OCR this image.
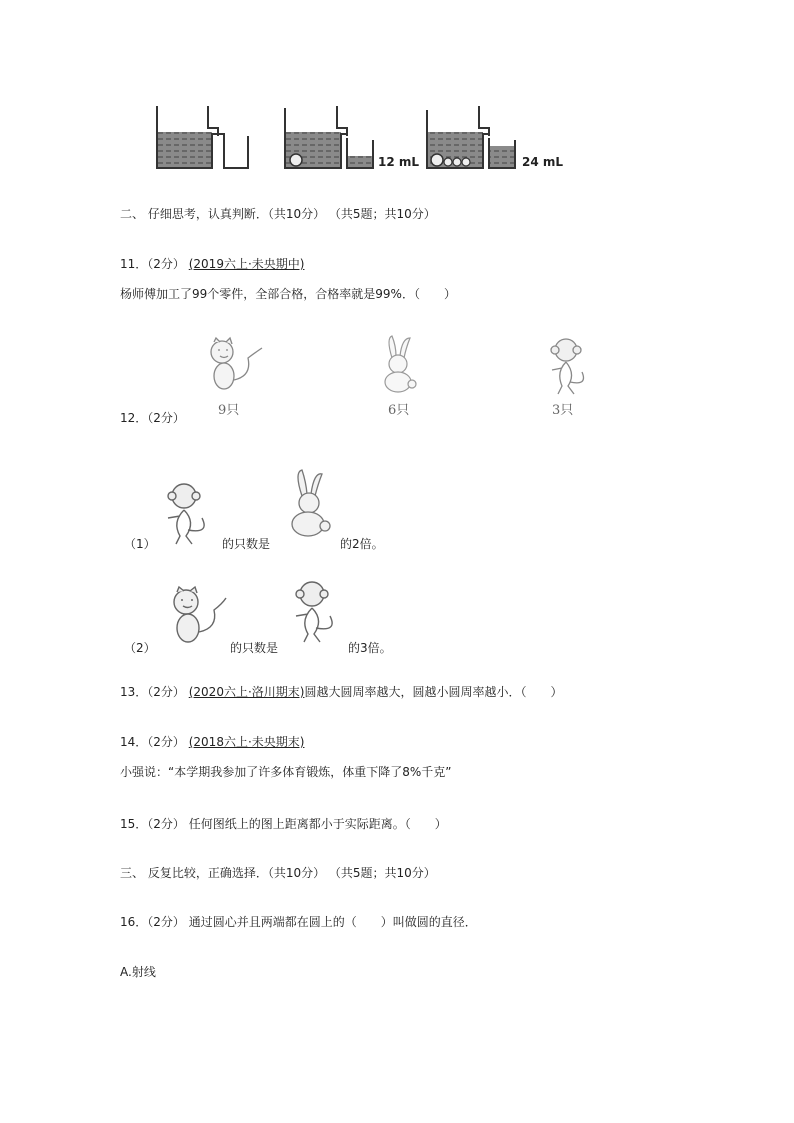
12 mL	24 mL
二、 仔细思考，认真判断．（共10分） （共5题；共10分）
11．（2分） (2019六上·未央期中)
杨师傅加工了99个零件，全部合格，合格率就是99%．（　　）
9只	6只	3只
12．（2分）
（1）	的只数是	的2倍。
（2）	的只数是	的3倍。
13．（2分） (2020六上·洛川期末)圆越大圆周率越大，圆越小圆周率越小．（　　）
14．（2分） (2018六上·未央期末)
小强说：“本学期我参加了许多体育锻炼，体重下降了8%千克”
15．（2分） 任何图纸上的图上距离都小于实际距离。（　　）
三、 反复比较，正确选择．（共10分） （共5题；共10分）
16．（2分） 通过圆心并且两端都在圆上的（　　）叫做圆的直径．
A.射线
